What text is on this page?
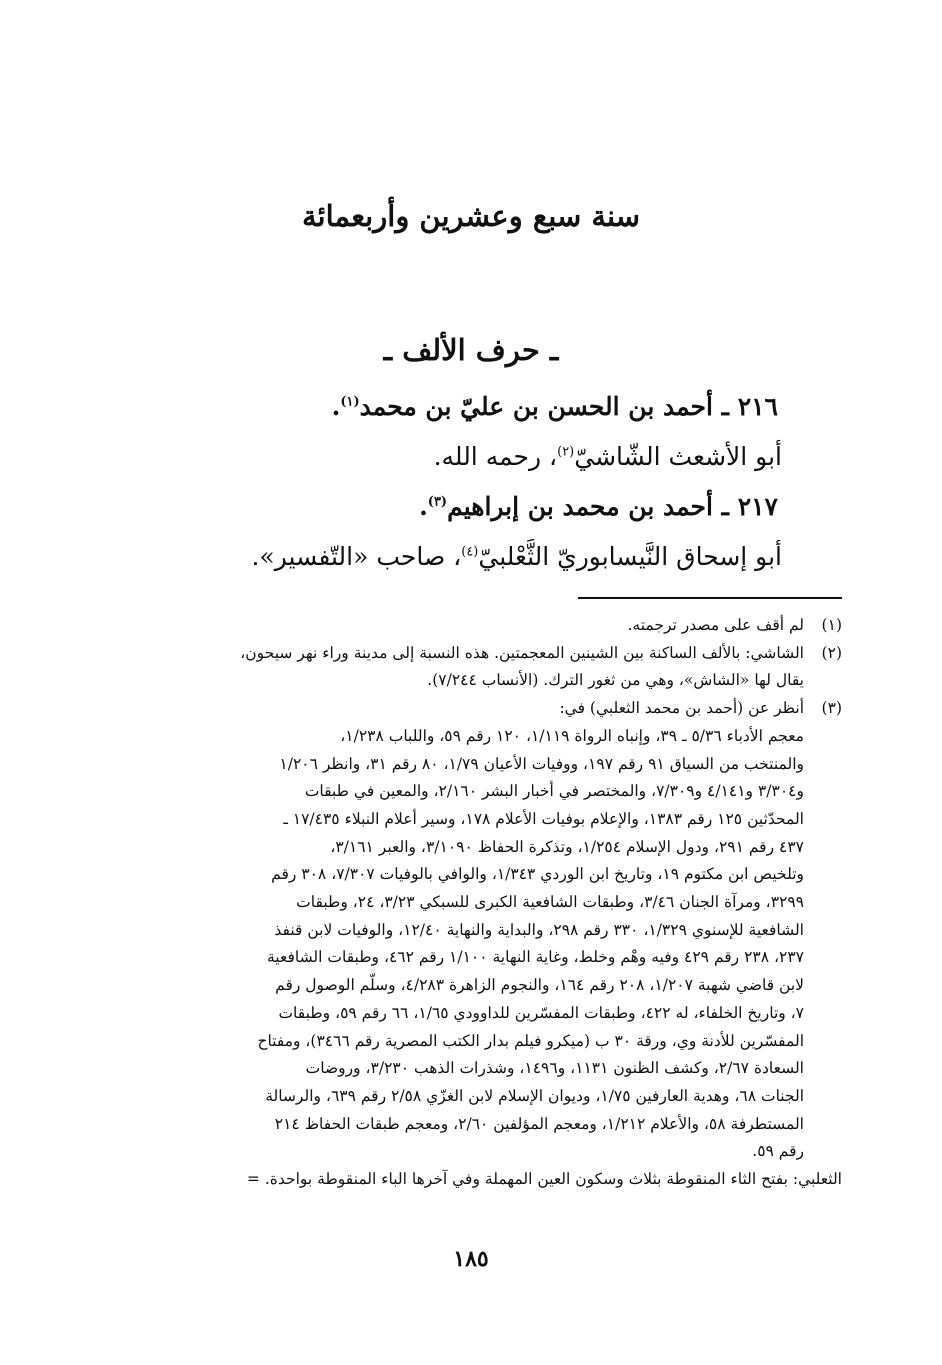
سنة سبع وعشرين وأربعمائة
ـ حرف الألف ـ

٢١٦ ـ أحمد بن الحسن بن عليّ بن محمد$^{(١)}$.

أبو الأشعث الشّاشيّ$^{(٢)}$، رحمه الله.

٢١٧ ـ أحمد بن محمد بن إبراهيم$^{(٣)}$.

أبو إسحاق النَّيسابوريّ الثَّعْلبيّ$^{(٤)}$، صاحب «التّفسير».

(١)
لم أقف على مصدر ترجمته.
(٢)
الشاشي: بالألف الساكنة بين الشينين المعجمتين. هذه النسبة إلى مدينة وراء نهر سيحون،
يقال لها «الشاش»، وهي من ثغور الترك. (الأنساب ٧/٢٤٤).
(٣)
أنظر عن (أحمد بن محمد الثعلبي) في:
معجم الأدباء ٥/٣٦ ـ ٣٩، وإنباه الرواة ١/١١٩، ١٢٠ رقم ٥٩، واللباب ١/٢٣٨،
والمنتخب من السياق ٩١ رقم ١٩٧، ووفيات الأعيان ١/٧٩، ٨٠ رقم ٣١، وانظر ١/٢٠٦
و٣/٣٠٤ و٤/١٤١ و٧/٣٠٩، والمختصر في أخبار البشر ٢/١٦٠، والمعين في طبقات
المحدّثين ١٢٥ رقم ١٣٨٣، والإعلام بوفيات الأعلام ١٧٨، وسير أعلام النبلاء ١٧/٤٣٥ ـ
٤٣٧ رقم ٢٩١، ودول الإسلام ١/٢٥٤، وتذكرة الحفاظ ٣/١٠٩٠، والعبر ٣/١٦١،
وتلخيص ابن مكتوم ١٩، وتاريخ ابن الوردي ١/٣٤٣، والوافي بالوفيات ٧/٣٠٧، ٣٠٨ رقم
٣٢٩٩، ومرآة الجنان ٣/٤٦، وطبقات الشافعية الكبرى للسبكي ٣/٢٣، ٢٤، وطبقات
الشافعية للإسنوي ١/٣٢٩، ٣٣٠ رقم ٢٩٨، والبداية والنهاية ١٢/٤٠، والوفيات لابن قنفذ
٢٣٧، ٢٣٨ رقم ٤٢٩ وفيه وهْم وخلط، وغاية النهاية ١/١٠٠ رقم ٤٦٢، وطبقات الشافعية
لابن قاضي شهبة ١/٢٠٧، ٢٠٨ رقم ١٦٤، والنجوم الزاهرة ٤/٢٨٣، وسلّم الوصول رقم
٧، وتاريخ الخلفاء، له ٤٢٢، وطبقات المفسّرين للداوودي ١/٦٥، ٦٦ رقم ٥٩، وطبقات
المفسّرين للأدنة وي، ورقة ٣٠ ب (ميكرو فيلم بدار الكتب المصرية رقم ٣٤٦٦)، ومفتاح
السعادة ٢/٦٧، وكشف الظنون ١١٣١، و١٤٩٦، وشذرات الذهب ٣/٢٣٠، وروضات
الجنات ٦٨، وهدية العارفين ١/٧٥، وديوان الإسلام لابن الغزّي ٢/٥٨ رقم ٦٣٩، والرسالة
المستطرفة ٥٨، والأعلام ١/٢١٢، ومعجم المؤلفين ٢/٦٠، ومعجم طبقات الحفاظ ٢١٤
رقم ٥٩.

الثعلبي: بفتح الثاء المنقوطة بثلاث وسكون العين المهملة وفي آخرها الباء المنقوطة بواحدة. =

١٨٥
